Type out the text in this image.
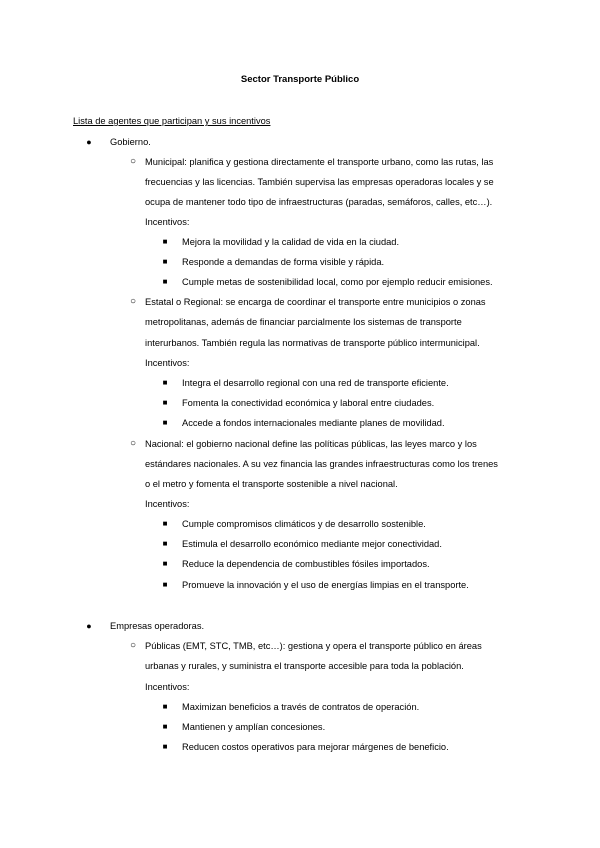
Sector Transporte Público
Lista de agentes que participan y sus incentivos
●	Gobierno.
○ Municipal: planifica y gestiona directamente el transporte urbano, como las rutas, las
frecuencias y las licencias. También supervisa las empresas operadoras locales y se
ocupa de mantener todo tipo de infraestructuras (paradas, semáforos, calles, etc…).
Incentivos:
■	Mejora la movilidad y la calidad de vida en la ciudad.
■	Responde a demandas de forma visible y rápida.
■	Cumple metas de sostenibilidad local, como por ejemplo reducir emisiones.
○ Estatal o Regional: se encarga de coordinar el transporte entre municipios o zonas
metropolitanas, además de financiar parcialmente los sistemas de transporte
interurbanos. También regula las normativas de transporte público intermunicipal.
Incentivos:
■	Integra el desarrollo regional con una red de transporte eficiente.
■	Fomenta la conectividad económica y laboral entre ciudades.
■	Accede a fondos internacionales mediante planes de movilidad.
○ Nacional: el gobierno nacional define las políticas públicas, las leyes marco y los
estándares nacionales. A su vez financia las grandes infraestructuras como los trenes
o el metro y fomenta el transporte sostenible a nivel nacional.
Incentivos:
■	Cumple compromisos climáticos y de desarrollo sostenible.
■	Estimula el desarrollo económico mediante mejor conectividad.
■	Reduce la dependencia de combustibles fósiles importados.
■	Promueve la innovación y el uso de energías limpias en el transporte.
●	Empresas operadoras.
○ Públicas (EMT, STC, TMB, etc…): gestiona y opera el transporte público en áreas
urbanas y rurales, y suministra el transporte accesible para toda la población.
Incentivos:
■	Maximizan beneficios a través de contratos de operación.
■	Mantienen y amplían concesiones.
■	Reducen costos operativos para mejorar márgenes de beneficio.
